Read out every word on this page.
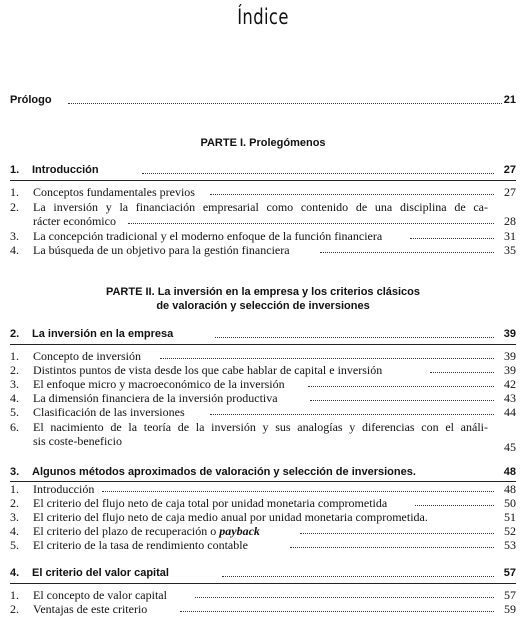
Índice
Prólogo	21
PARTE I. Prolegómenos
1. Introducción	27
1. Conceptos fundamentales previos	27
2. La inversión y la financiación empresarial como contenido de una disciplina de ca-
rácter económico	28
3. La concepción tradicional y el moderno enfoque de la función financiera	31
4. La búsqueda de un objetivo para la gestión financiera	35
PARTE II. La inversión en la empresa y los criterios clásicos
de valoración y selección de inversiones
2. La inversión en la empresa	39
1. Concepto de inversión	39
2. Distintos puntos de vista desde los que cabe hablar de capital e inversión	39
3. El enfoque micro y macroeconómico de la inversión	42
4. La dimensión financiera de la inversión productiva	43
5. Clasificación de las inversiones	44
6. El nacimiento de la teoría de la inversión y sus analogías y diferencias con el análi-
sis coste-beneficio	45
3. Algunos métodos aproximados de valoración y selección de inversiones.	48
1. Introducción	48
2. El criterio del flujo neto de caja total por unidad monetaria comprometida	50
3. El criterio del flujo neto de caja medio anual por unidad monetaria comprometida.	51
4. El criterio del plazo de recuperación o payback	52
5. El criterio de la tasa de rendimiento contable	53
4. El criterio del valor capital	57
1. El concepto de valor capital	57
2. Ventajas de este criterio	59
